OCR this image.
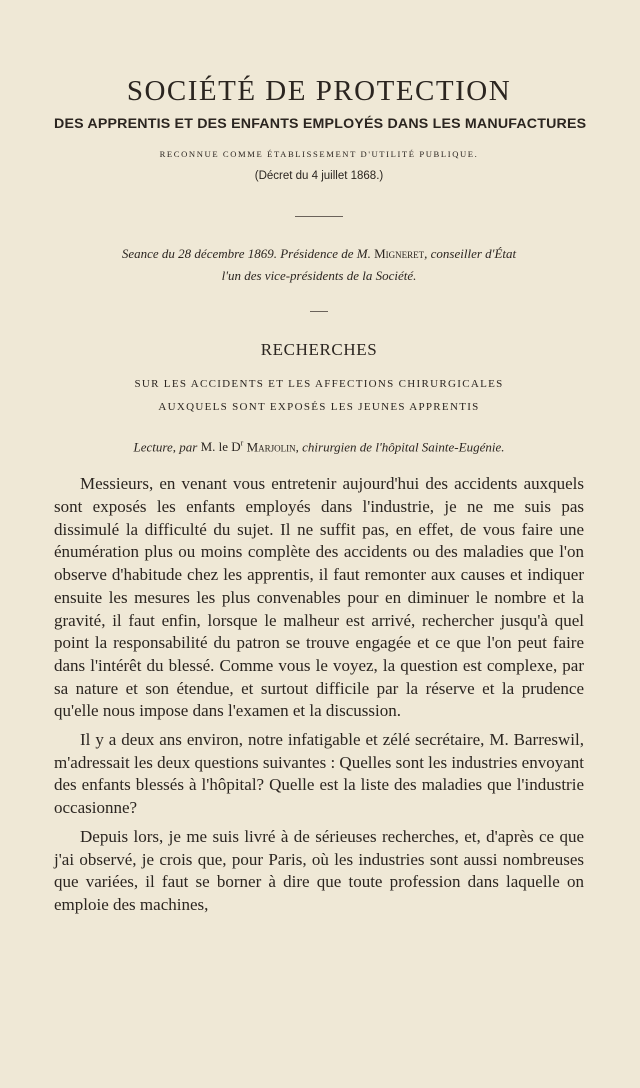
SOCIÉTÉ DE PROTECTION
DES APPRENTIS ET DES ENFANTS EMPLOYÉS DANS LES MANUFACTURES
RECONNUE COMME ÉTABLISSEMENT D'UTILITÉ PUBLIQUE.
(Décret du 4 juillet 1868.)
Seance du 28 décembre 1869. Présidence de M. Migneret, conseiller d'État
l'un des vice-présidents de la Société.
RECHERCHES
SUR LES ACCIDENTS ET LES AFFECTIONS CHIRURGICALES
AUXQUELS SONT EXPOSÉS LES JEUNES APPRENTIS
Lecture, par M. le $D^r$ Marjolin, chirurgien de l'hôpital Sainte-Eugénie.

Messieurs, en venant vous entretenir aujourd'hui des accidents auxquels sont exposés les enfants employés dans l'industrie, je ne me suis pas dissimulé la difficulté du sujet. Il ne suffit pas, en effet, de vous faire une énumération plus ou moins complète des accidents ou des maladies que l'on observe d'habitude chez les apprentis, il faut remonter aux causes et indiquer ensuite les mesures les plus convenables pour en diminuer le nombre et la gravité, il faut enfin, lorsque le malheur est arrivé, rechercher jusqu'à quel point la responsabilité du patron se trouve engagée et ce que l'on peut faire dans l'intérêt du blessé. Comme vous le voyez, la question est complexe, par sa nature et son étendue, et surtout difficile par la réserve et la prudence qu'elle nous impose dans l'examen et la discussion.

Il y a deux ans environ, notre infatigable et zélé secrétaire, M. Barreswil, m'adressait les deux questions suivantes : Quelles sont les industries envoyant des enfants blessés à l'hôpital? Quelle est la liste des maladies que l'industrie occasionne?

Depuis lors, je me suis livré à de sérieuses recherches, et, d'après ce que j'ai observé, je crois que, pour Paris, où les industries sont aussi nombreuses que variées, il faut se borner à dire que toute profession dans laquelle on emploie des machines,
